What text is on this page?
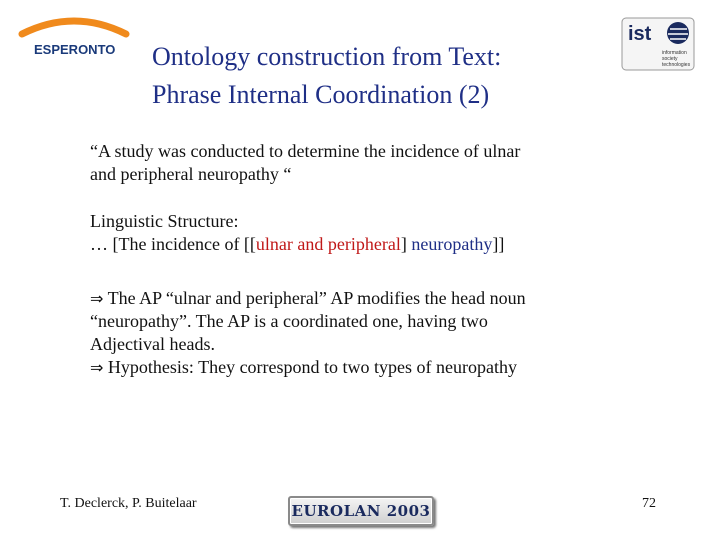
ESPERONTO
ist
information
society
technologies
Ontology construction from Text:
Phrase Internal Coordination (2)
“A study was conducted to determine the incidence of ulnar
and peripheral neuropathy “
Linguistic Structure:
… [The incidence of [[ulnar and peripheral] neuropathy]]
⇒ The AP “ulnar and peripheral” AP modifies the head noun
“neuropathy”. The AP is a coordinated one, having two
Adjectival heads.
⇒ Hypothesis: They correspond to two types of neuropathy
T. Declerck, P. Buitelaar	EUROLAN 2003	72
